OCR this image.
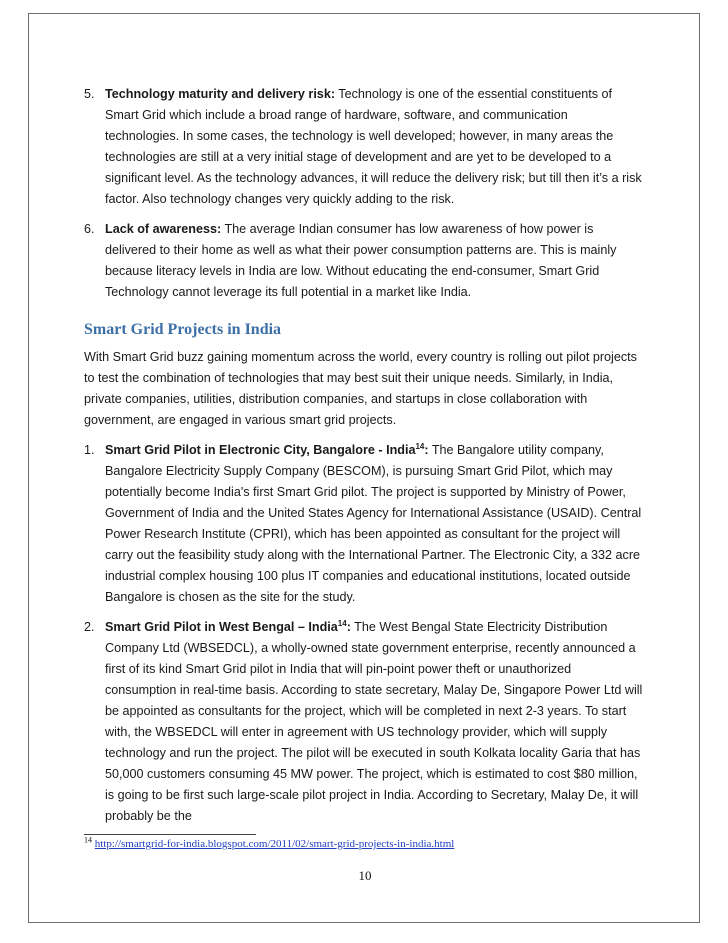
5. Technology maturity and delivery risk: Technology is one of the essential constituents of Smart Grid which include a broad range of hardware, software, and communication technologies. In some cases, the technology is well developed; however, in many areas the technologies are still at a very initial stage of development and are yet to be developed to a significant level. As the technology advances, it will reduce the delivery risk; but till then it’s a risk factor. Also technology changes very quickly adding to the risk.

6. Lack of awareness: The average Indian consumer has low awareness of how power is delivered to their home as well as what their power consumption patterns are. This is mainly because literacy levels in India are low. Without educating the end-consumer, Smart Grid Technology cannot leverage its full potential in a market like India.

Smart Grid Projects in India

With Smart Grid buzz gaining momentum across the world, every country is rolling out pilot projects to test the combination of technologies that may best suit their unique needs. Similarly, in India, private companies, utilities, distribution companies, and startups in close collaboration with government, are engaged in various smart grid projects.

1. Smart Grid Pilot in Electronic City, Bangalore - India$^{14}$: The Bangalore utility company, Bangalore Electricity Supply Company (BESCOM), is pursuing Smart Grid Pilot, which may potentially become India's first Smart Grid pilot. The project is supported by Ministry of Power, Government of India and the United States Agency for International Assistance (USAID). Central Power Research Institute (CPRI), which has been appointed as consultant for the project will carry out the feasibility study along with the International Partner. The Electronic City, a 332 acre industrial complex housing 100 plus IT companies and educational institutions, located outside Bangalore is chosen as the site for the study.

2. Smart Grid Pilot in West Bengal – India$^{14}$: The West Bengal State Electricity Distribution Company Ltd (WBSEDCL), a wholly-owned state government enterprise, recently announced a first of its kind Smart Grid pilot in India that will pin-point power theft or unauthorized consumption in real-time basis. According to state secretary, Malay De, Singapore Power Ltd will be appointed as consultants for the project, which will be completed in next 2-3 years. To start with, the WBSEDCL will enter in agreement with US technology provider, which will supply technology and run the project. The pilot will be executed in south Kolkata locality Garia that has 50,000 customers consuming 45 MW power. The project, which is estimated to cost $80 million, is going to be first such large-scale pilot project in India. According to Secretary, Malay De, it will probably be the

$^{14}$ http://smartgrid-for-india.blogspot.com/2011/02/smart-grid-projects-in-india.html
10
